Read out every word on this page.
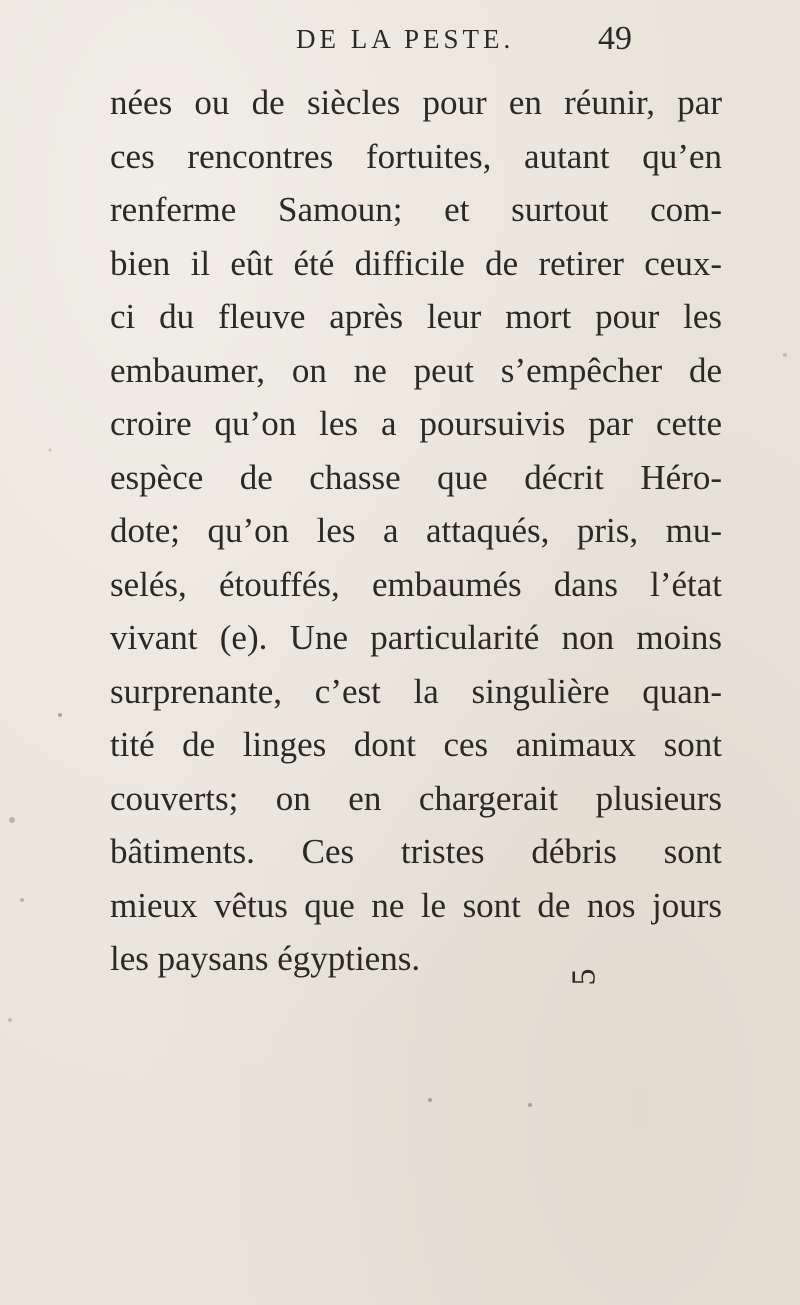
DE LA PESTE. 49
nées ou de siècles pour en réunir, par
ces rencontres fortuites, autant qu’en
renferme Samoun; et surtout com-
bien il eût été difficile de retirer ceux-
ci du fleuve après leur mort pour les
embaumer, on ne peut s’empêcher de
croire qu’on les a poursuivis par cette
espèce de chasse que décrit Héro-
dote; qu’on les a attaqués, pris, mu-
selés, étouffés, embaumés dans l’état
vivant (e). Une particularité non moins
surprenante, c’est la singulière quan-
tité de linges dont ces animaux sont
couverts; on en chargerait plusieurs
bâtiments. Ces tristes débris sont
mieux vêtus que ne le sont de nos jours
les paysans égyptiens.	5
